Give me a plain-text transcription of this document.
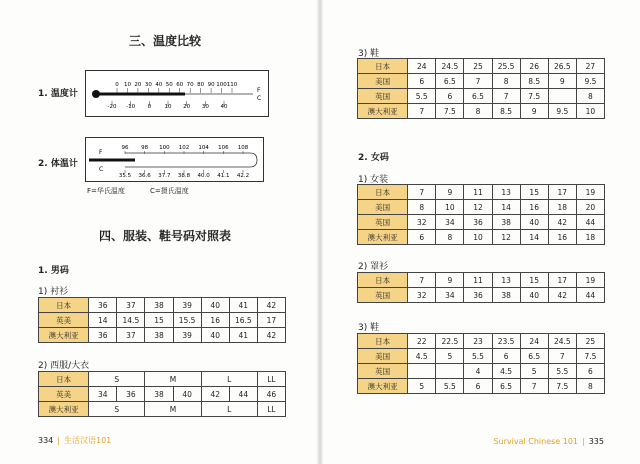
三、温度比较
1. 温度计
0 10 20 30 40 50 60 70 80 90 100 110
-20 -10 0 10 20 30 40
F
C
2. 体温计
96 98 100 102 104 106 108
35.5 36.6 37.7 38.8 40.0 41.1 42.2
F
C
F=华氏温度	C=摄氏温度
四、服装、鞋号码对照表
1. 男码
1) 衬衫
日本	36	37	38	39	40	41	42
英美	14	14.5	15	15.5	16	16.5	17
澳大利亚	36	37	38	39	40	41	42
2) 西服/大衣
日本	S		M		L		LL
英美	34	36	38	40	42	44	46
澳大利亚	S		M		L		LL
334 | 生活汉语101
3) 鞋
日本	24	24.5	25	25.5	26	26.5	27
美国	6	6.5	7	8	8.5	9	9.5
英国	5.5	6	6.5	7	7.5		8
澳大利亚	7	7.5	8	8.5	9	9.5	10
2. 女码
1) 女装
日本	7	9	11	13	15	17	19
美国	8	10	12	14	16	18	20
英国	32	34	36	38	40	42	44
澳大利亚	6	8	10	12	14	16	18
2) 罩衫
日本	7	9	11	13	15	17	19
英国	32	34	36	38	40	42	44
3) 鞋
日本	22	22.5	23	23.5	24	24.5	25
美国	4.5	5	5.5	6	6.5	7	7.5
英国			4	4.5	5	5.5	6
澳大利亚	5	5.5	6	6.5	7	7.5	8
Survival Chinese 101 | 335
